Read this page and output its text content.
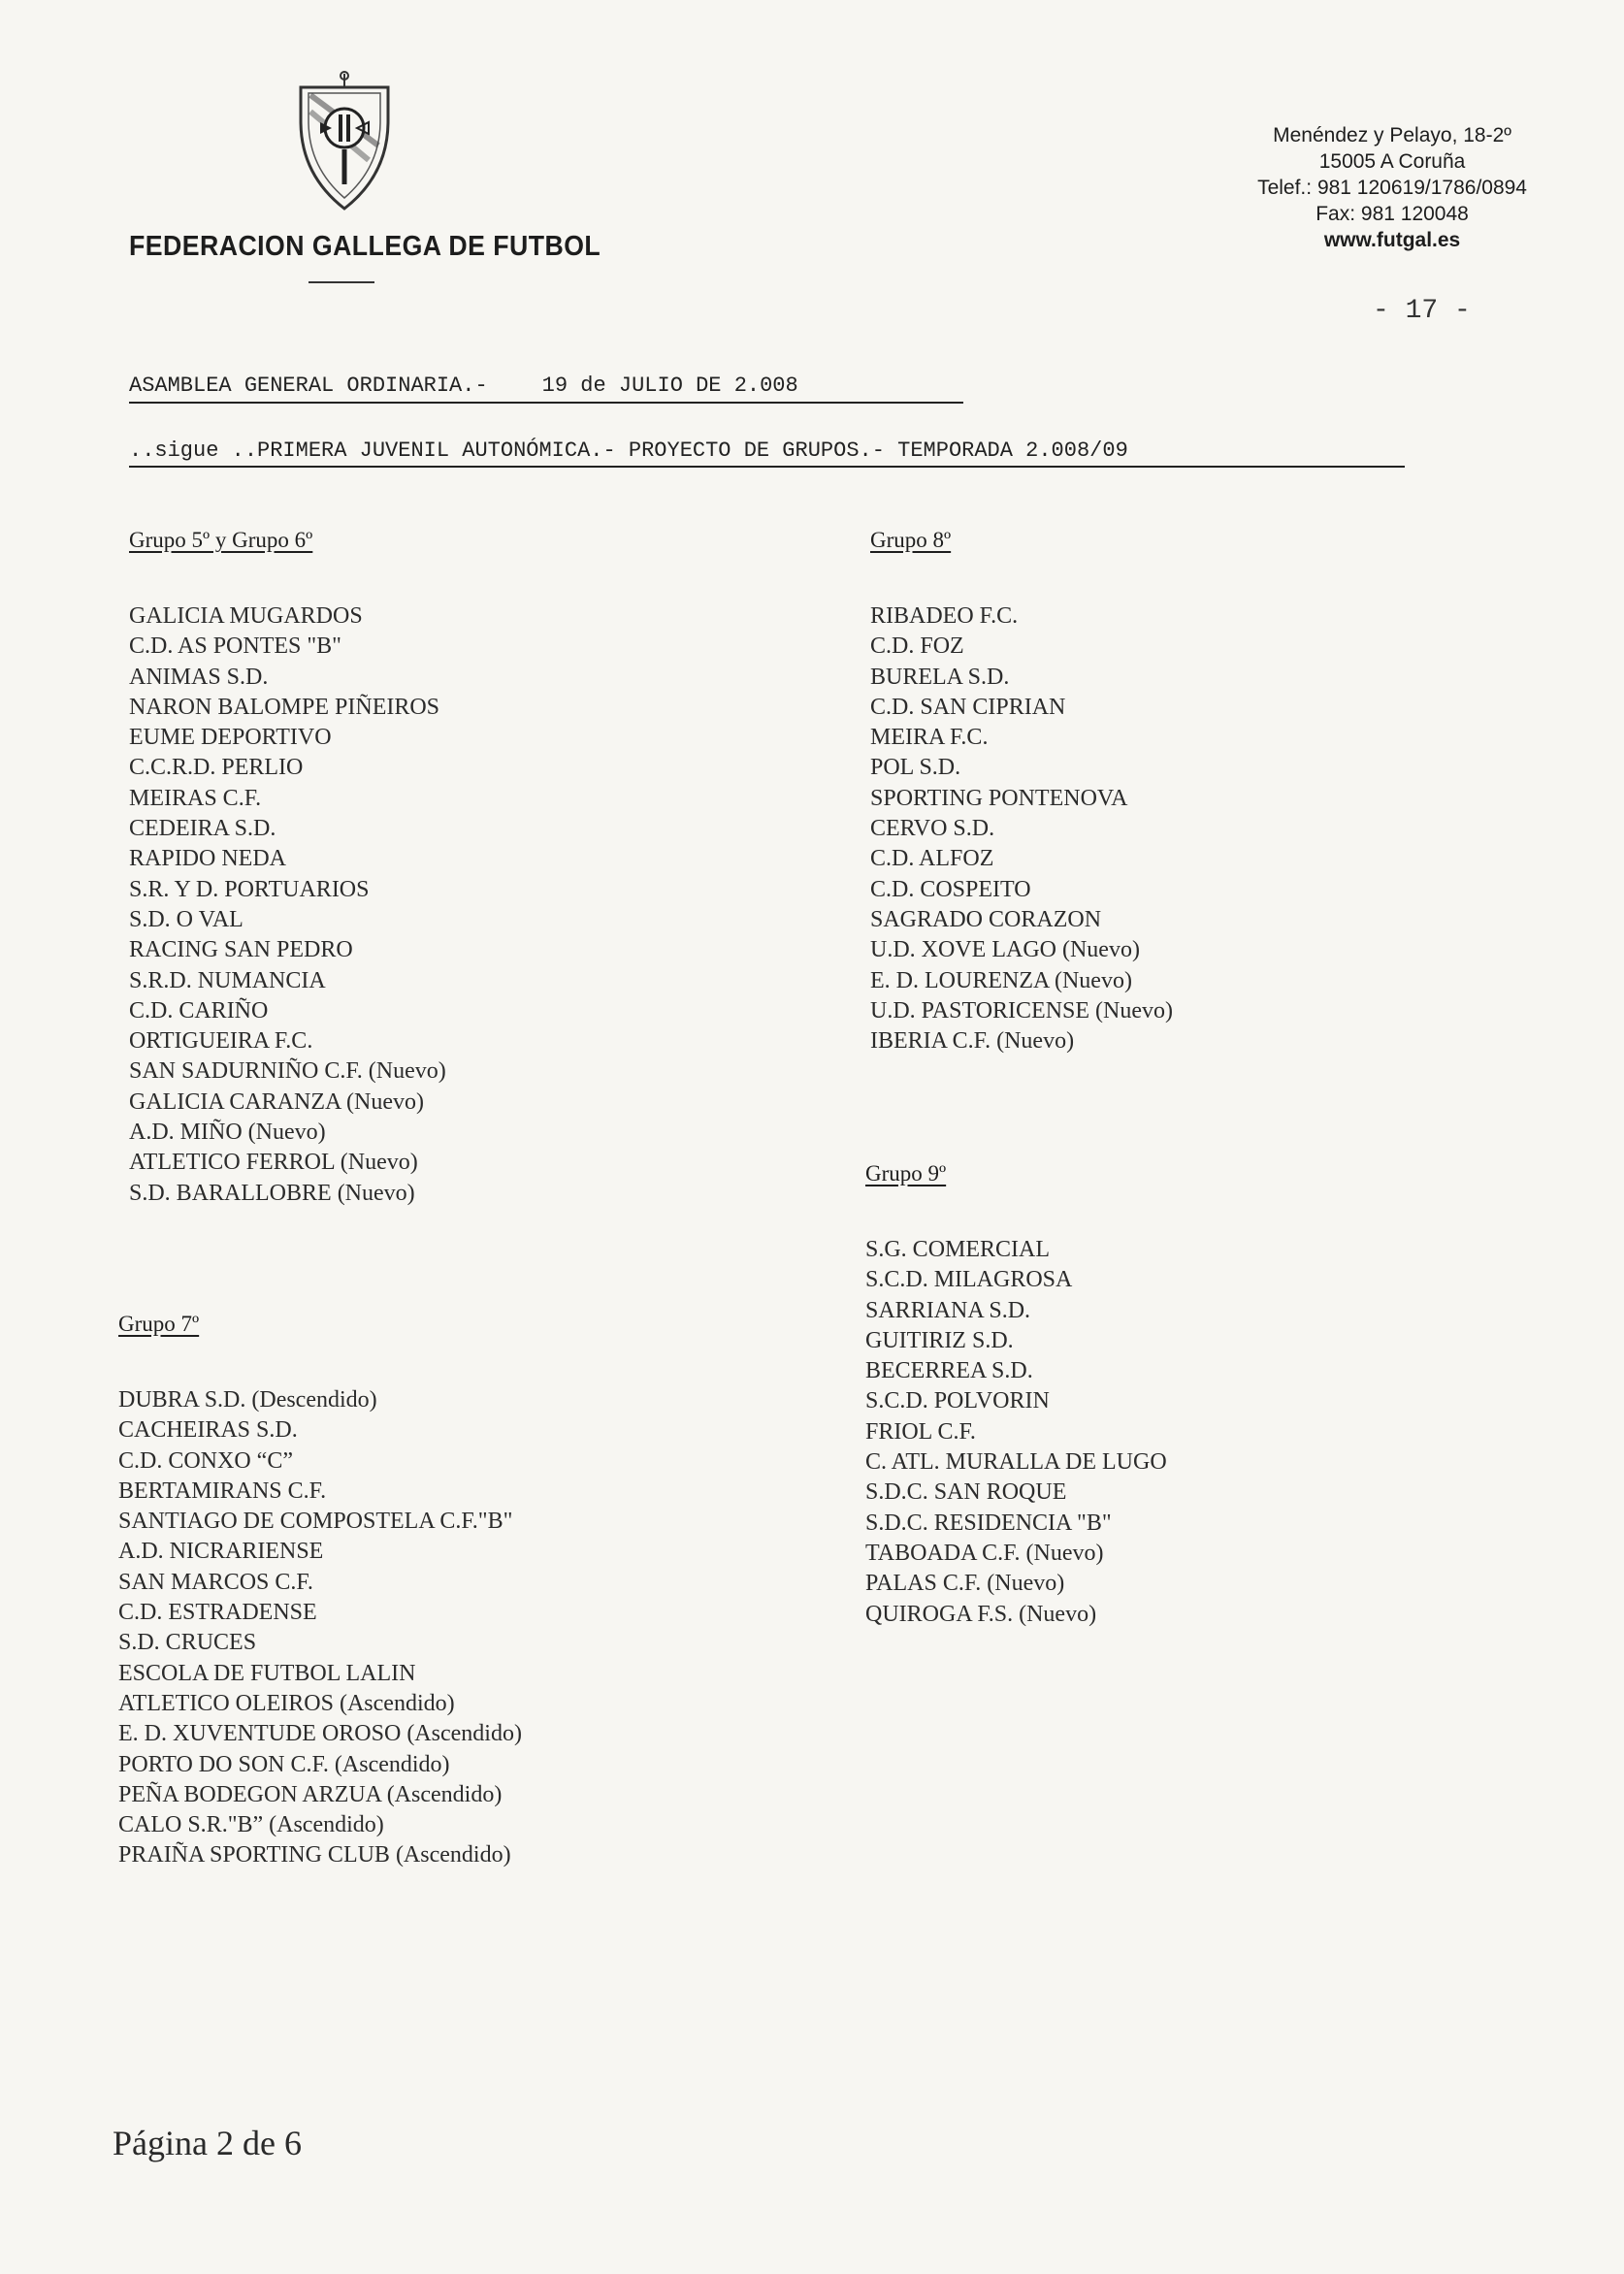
FEDERACION GALLEGA DE FUTBOL
Menéndez y Pelayo, 18-2º
15005 A Coruña
Telef.: 981 120619/1786/0894
Fax: 981 120048
www.futgal.es
- 17 -
ASAMBLEA GENERAL ORDINARIA.-	19 de JULIO DE 2.008
..sigue ..PRIMERA JUVENIL AUTONÓMICA.- PROYECTO DE GRUPOS.- TEMPORADA 2.008/09
Grupo 5º y Grupo 6º
GALICIA MUGARDOS
C.D. AS PONTES "B"
ANIMAS S.D.
NARON BALOMPE PIÑEIROS
EUME DEPORTIVO
C.C.R.D. PERLIO
MEIRAS C.F.
CEDEIRA S.D.
RAPIDO NEDA
S.R. Y D. PORTUARIOS
S.D. O VAL
RACING SAN PEDRO
S.R.D. NUMANCIA
C.D. CARIÑO
ORTIGUEIRA F.C.
SAN SADURNIÑO C.F. (Nuevo)
GALICIA CARANZA (Nuevo)
A.D. MIÑO (Nuevo)
ATLETICO FERROL (Nuevo)
S.D. BARALLOBRE (Nuevo)
Grupo 7º
DUBRA S.D. (Descendido)
CACHEIRAS S.D.
C.D. CONXO “C”
BERTAMIRANS C.F.
SANTIAGO DE COMPOSTELA C.F."B"
A.D. NICRARIENSE
SAN MARCOS C.F.
C.D. ESTRADENSE
S.D. CRUCES
ESCOLA DE FUTBOL LALIN
ATLETICO OLEIROS (Ascendido)
E. D. XUVENTUDE OROSO (Ascendido)
PORTO DO SON C.F. (Ascendido)
PEÑA BODEGON ARZUA (Ascendido)
CALO S.R."B” (Ascendido)
PRAIÑA SPORTING CLUB (Ascendido)
Grupo 8º
RIBADEO F.C.
C.D. FOZ
BURELA S.D.
C.D. SAN CIPRIAN
MEIRA F.C.
POL S.D.
SPORTING PONTENOVA
CERVO S.D.
C.D. ALFOZ
C.D. COSPEITO
SAGRADO CORAZON
U.D. XOVE LAGO (Nuevo)
E. D. LOURENZA (Nuevo)
U.D. PASTORICENSE (Nuevo)
IBERIA C.F. (Nuevo)
Grupo 9º
S.G. COMERCIAL
S.C.D. MILAGROSA
SARRIANA S.D.
GUITIRIZ S.D.
BECERREA S.D.
S.C.D. POLVORIN
FRIOL C.F.
C. ATL. MURALLA DE LUGO
S.D.C. SAN ROQUE
S.D.C. RESIDENCIA "B"
TABOADA C.F. (Nuevo)
PALAS C.F. (Nuevo)
QUIROGA F.S. (Nuevo)
Página 2 de 6
